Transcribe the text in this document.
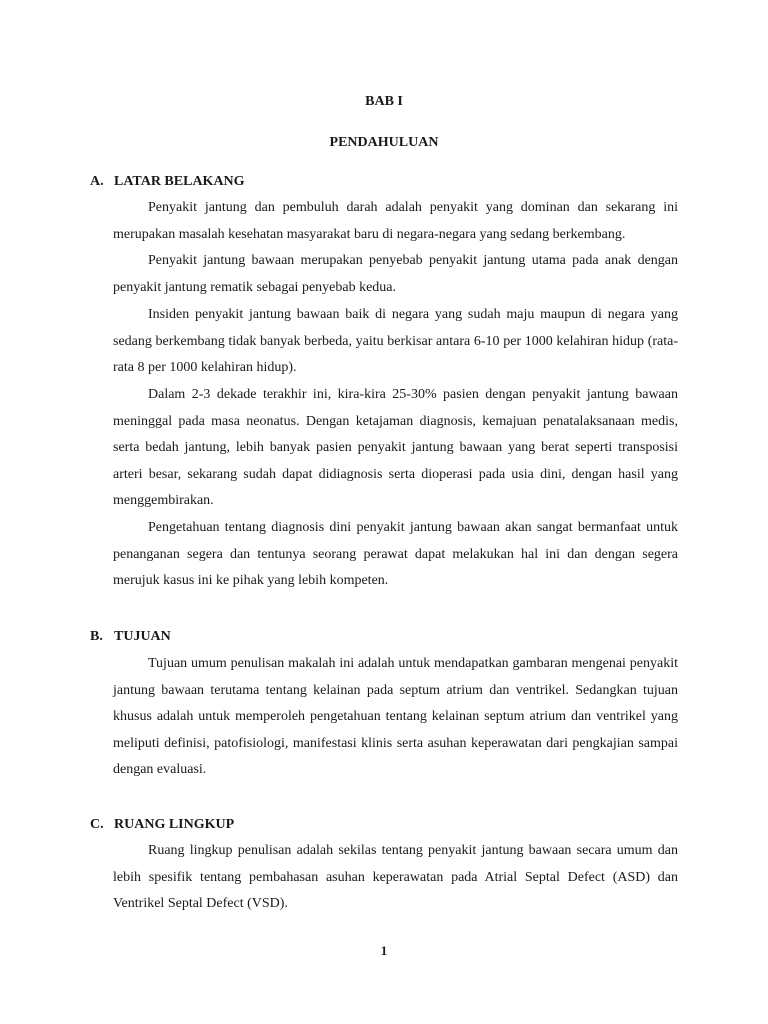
BAB I
PENDAHULUAN
A. LATAR BELAKANG

Penyakit jantung dan pembuluh darah adalah penyakit yang dominan dan sekarang ini merupakan masalah kesehatan masyarakat baru di negara-negara yang sedang berkembang.

Penyakit jantung bawaan merupakan penyebab penyakit jantung utama pada anak dengan penyakit jantung rematik sebagai penyebab kedua.

Insiden penyakit jantung bawaan baik di negara yang sudah maju maupun di negara yang sedang berkembang tidak banyak berbeda, yaitu berkisar antara 6-10 per 1000 kelahiran hidup (rata-rata 8 per 1000 kelahiran hidup).

Dalam 2-3 dekade terakhir ini, kira-kira 25-30% pasien dengan penyakit jantung bawaan meninggal pada masa neonatus. Dengan ketajaman diagnosis, kemajuan penatalaksanaan medis, serta bedah jantung, lebih banyak pasien penyakit jantung bawaan yang berat seperti transposisi arteri besar, sekarang sudah dapat didiagnosis serta dioperasi pada usia dini, dengan hasil yang menggembirakan.

Pengetahuan tentang diagnosis dini penyakit jantung bawaan akan sangat bermanfaat untuk penanganan segera dan tentunya seorang perawat dapat melakukan hal ini dan dengan segera merujuk kasus ini ke pihak yang lebih kompeten.

B. TUJUAN

Tujuan umum penulisan makalah ini adalah untuk mendapatkan gambaran mengenai penyakit jantung bawaan terutama tentang kelainan pada septum atrium dan ventrikel. Sedangkan tujuan khusus adalah untuk memperoleh pengetahuan tentang kelainan septum atrium dan ventrikel yang meliputi definisi, patofisiologi, manifestasi klinis serta asuhan keperawatan dari pengkajian sampai dengan evaluasi.

C. RUANG LINGKUP

Ruang lingkup penulisan adalah sekilas tentang penyakit jantung bawaan secara umum dan lebih spesifik tentang pembahasan asuhan keperawatan pada Atrial Septal Defect (ASD) dan Ventrikel Septal Defect (VSD).

1
